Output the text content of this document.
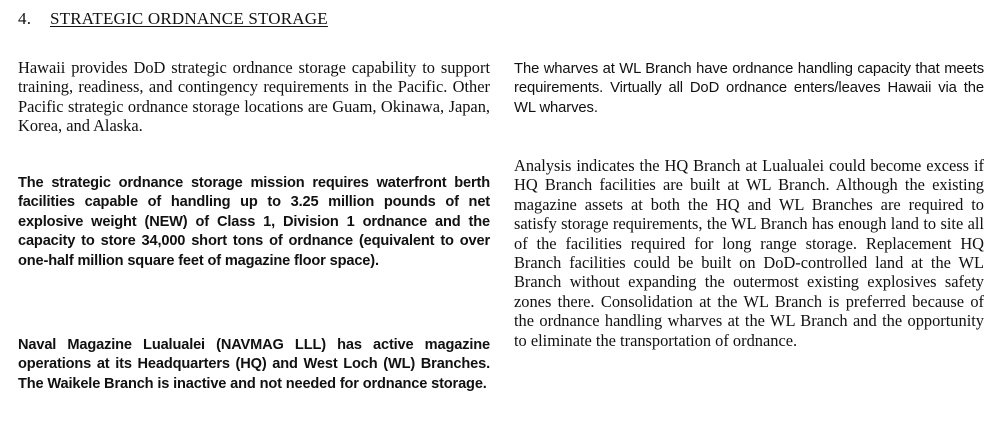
4. STRATEGIC ORDNANCE STORAGE

Hawaii provides DoD strategic ordnance storage capability to support training, readiness, and contingency requirements in the Pacific. Other Pacific strategic ordnance storage locations are Guam, Okinawa, Japan, Korea, and Alaska.

The strategic ordnance storage mission requires waterfront berth facilities capable of handling up to 3.25 million pounds of net explosive weight (NEW) of Class 1, Division 1 ordnance and the capacity to store 34,000 short tons of ordnance (equivalent to over one-half million square feet of magazine floor space).

Naval Magazine Lualualei (NAVMAG LLL) has active magazine operations at its Headquarters (HQ) and West Loch (WL) Branches. The Waikele Branch is inactive and not needed for ordnance storage.

The wharves at WL Branch have ordnance handling capacity that meets requirements. Virtually all DoD ordnance enters/leaves Hawaii via the WL wharves.

Analysis indicates the HQ Branch at Lualualei could become excess if HQ Branch facilities are built at WL Branch. Although the existing magazine assets at both the HQ and WL Branches are required to satisfy storage requirements, the WL Branch has enough land to site all of the facilities required for long range storage. Replacement HQ Branch facilities could be built on DoD-controlled land at the WL Branch without expanding the outermost existing explosives safety zones there. Consolidation at the WL Branch is preferred because of the ordnance handling wharves at the WL Branch and the opportunity to eliminate the transportation of ordnance.
